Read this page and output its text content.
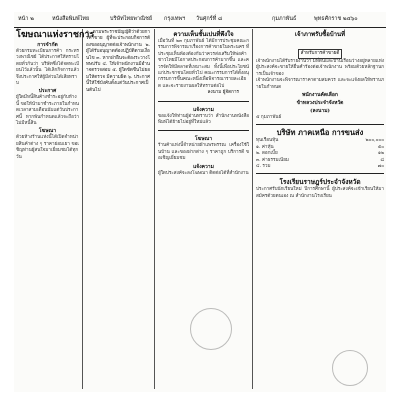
หน้า ๒	หนังสือพิมพ์ไทย	บริษัทไทยพาณิชย์ กรุงเทพฯ วันศุกร์ที่ ๘	กุมภาพันธ์	พุทธศักราช ๒๔๖๐
โฆษณาแห่งราชการ
การจำกัด
ด้วยกรมทะเบียนการค้า กระทรวงพาณิชย์ ได้ประกาศให้ทราบโดยทั่วกันว่า บริษัทซึ่งได้จดทะเบียนไว้แล้วนั้น ได้เลิกกิจการแล้ว จึงประกาศให้ผู้มีส่วนได้เสียทราบ
ประกาศ
ผู้ใดมีหนี้สินค้างชำระอยู่กับห้างนี้ ขอให้นำมาชำระภายในกำหนดเวลาสามเดือนนับแต่วันประกาศนี้ หากพ้นกำหนดแล้วจะถือว่าไม่มีหนี้สิน
โฆษณา
ด้วยห้างร้านแห่งนี้ได้เปิดจำหน่ายสินค้าต่าง ๆ ราคาย่อมเยา ขอเชิญท่านผู้สนใจมาเยี่ยมชมได้ทุกวัน
๑. ตามพระราชบัญญัติว่าด้วยการค้าขาย ผู้ที่จะประกอบกิจการต้องขออนุญาตต่อเจ้าพนักงาน ๒. ผู้ได้รับอนุญาตต้องปฏิบัติตามเงื่อนไข ๓. หากฝ่าฝืนจะต้องระวางโทษปรับ ๔. ให้เจ้าพนักงานมีอำนาจตรวจสอบ ๕. ผู้ใดขัดขืนไม่ยอมให้ตรวจ มีความผิด ๖. ประกาศนี้ให้ใช้บังคับตั้งแต่วันประกาศเป็นต้นไป
ความเห็นชั้นเปนที่พึงใจ
เมื่อวันที่ ๒๓ กุมภาพันธ์ ได้มีการประชุมคณะกรรมการพิจารณาเรื่องการค้าขายในพระนคร ที่ประชุมเห็นพ้องต้องกันว่าควรส่งเสริมให้พ่อค้าชาวไทยมีโอกาสประกอบการค้ามากขึ้น และควรจัดให้มีตลาดที่เหมาะสม ทั้งนี้เพื่อประโยชน์แก่ประชาชนโดยทั่วไป คณะกรรมการได้ตั้งอนุกรรมการขึ้นคณะหนึ่งเพื่อพิจารณารายละเอียด และจะรายงานผลให้ทราบต่อไป
ลงนาม ผู้จัดการ
แจ้งความ
ขอแจ้งให้ท่านผู้อ่านทราบว่า สำนักงานหนังสือพิมพ์ได้ย้ายไปอยู่ที่ใหม่แล้ว
โฆษณา
ร้านค้าแห่งนี้จำหน่ายผ้าแพรพรรณ เครื่องใช้ในบ้าน และของฝากต่าง ๆ ราคาถูก บริการดี ขอเชิญเยี่ยมชม
แจ้งความ
ผู้ใดประสงค์จะลงโฆษณา ติดต่อได้ที่สำนักงาน
เจ้าภาพรับซื้อบ้านที่
สำหรับการค้าขายดี
เจ้าพนักงานได้รับรายงานว่า มีที่ดินและบ้านเรือนว่างอยู่หลายแห่ง ผู้ประสงค์จะขายให้ยื่นคำร้องต่อเจ้าพนักงาน พร้อมด้วยหลักฐานการเป็นเจ้าของ
เจ้าพนักงานจะพิจารณาราคาตามสมควร และจะแจ้งผลให้ทราบภายในกำหนด
พนักงานคัดเลือก
ข้าหลวงประจำจังหวัด
(ลงนาม)
๕ กุมภาพันธ์
บริษัท ภาคเหนือ การขนส่ง
ทุนเรือนหุ้น	๒๐๐,๐๐๐
๑. ค่าหุ้น	๕๐
๒. ดอกเบี้ย	๑๒
๓. ค่าธรรมเนียม	๘
๔. รวม	๗๐
โรงเรียนราษฎร์ประจำจังหวัด
ประกาศรับนักเรียนใหม่ ปีการศึกษานี้ ผู้ประสงค์จะเข้าเรียนให้มาสมัครด้วยตนเอง ณ สำนักงานโรงเรียน
